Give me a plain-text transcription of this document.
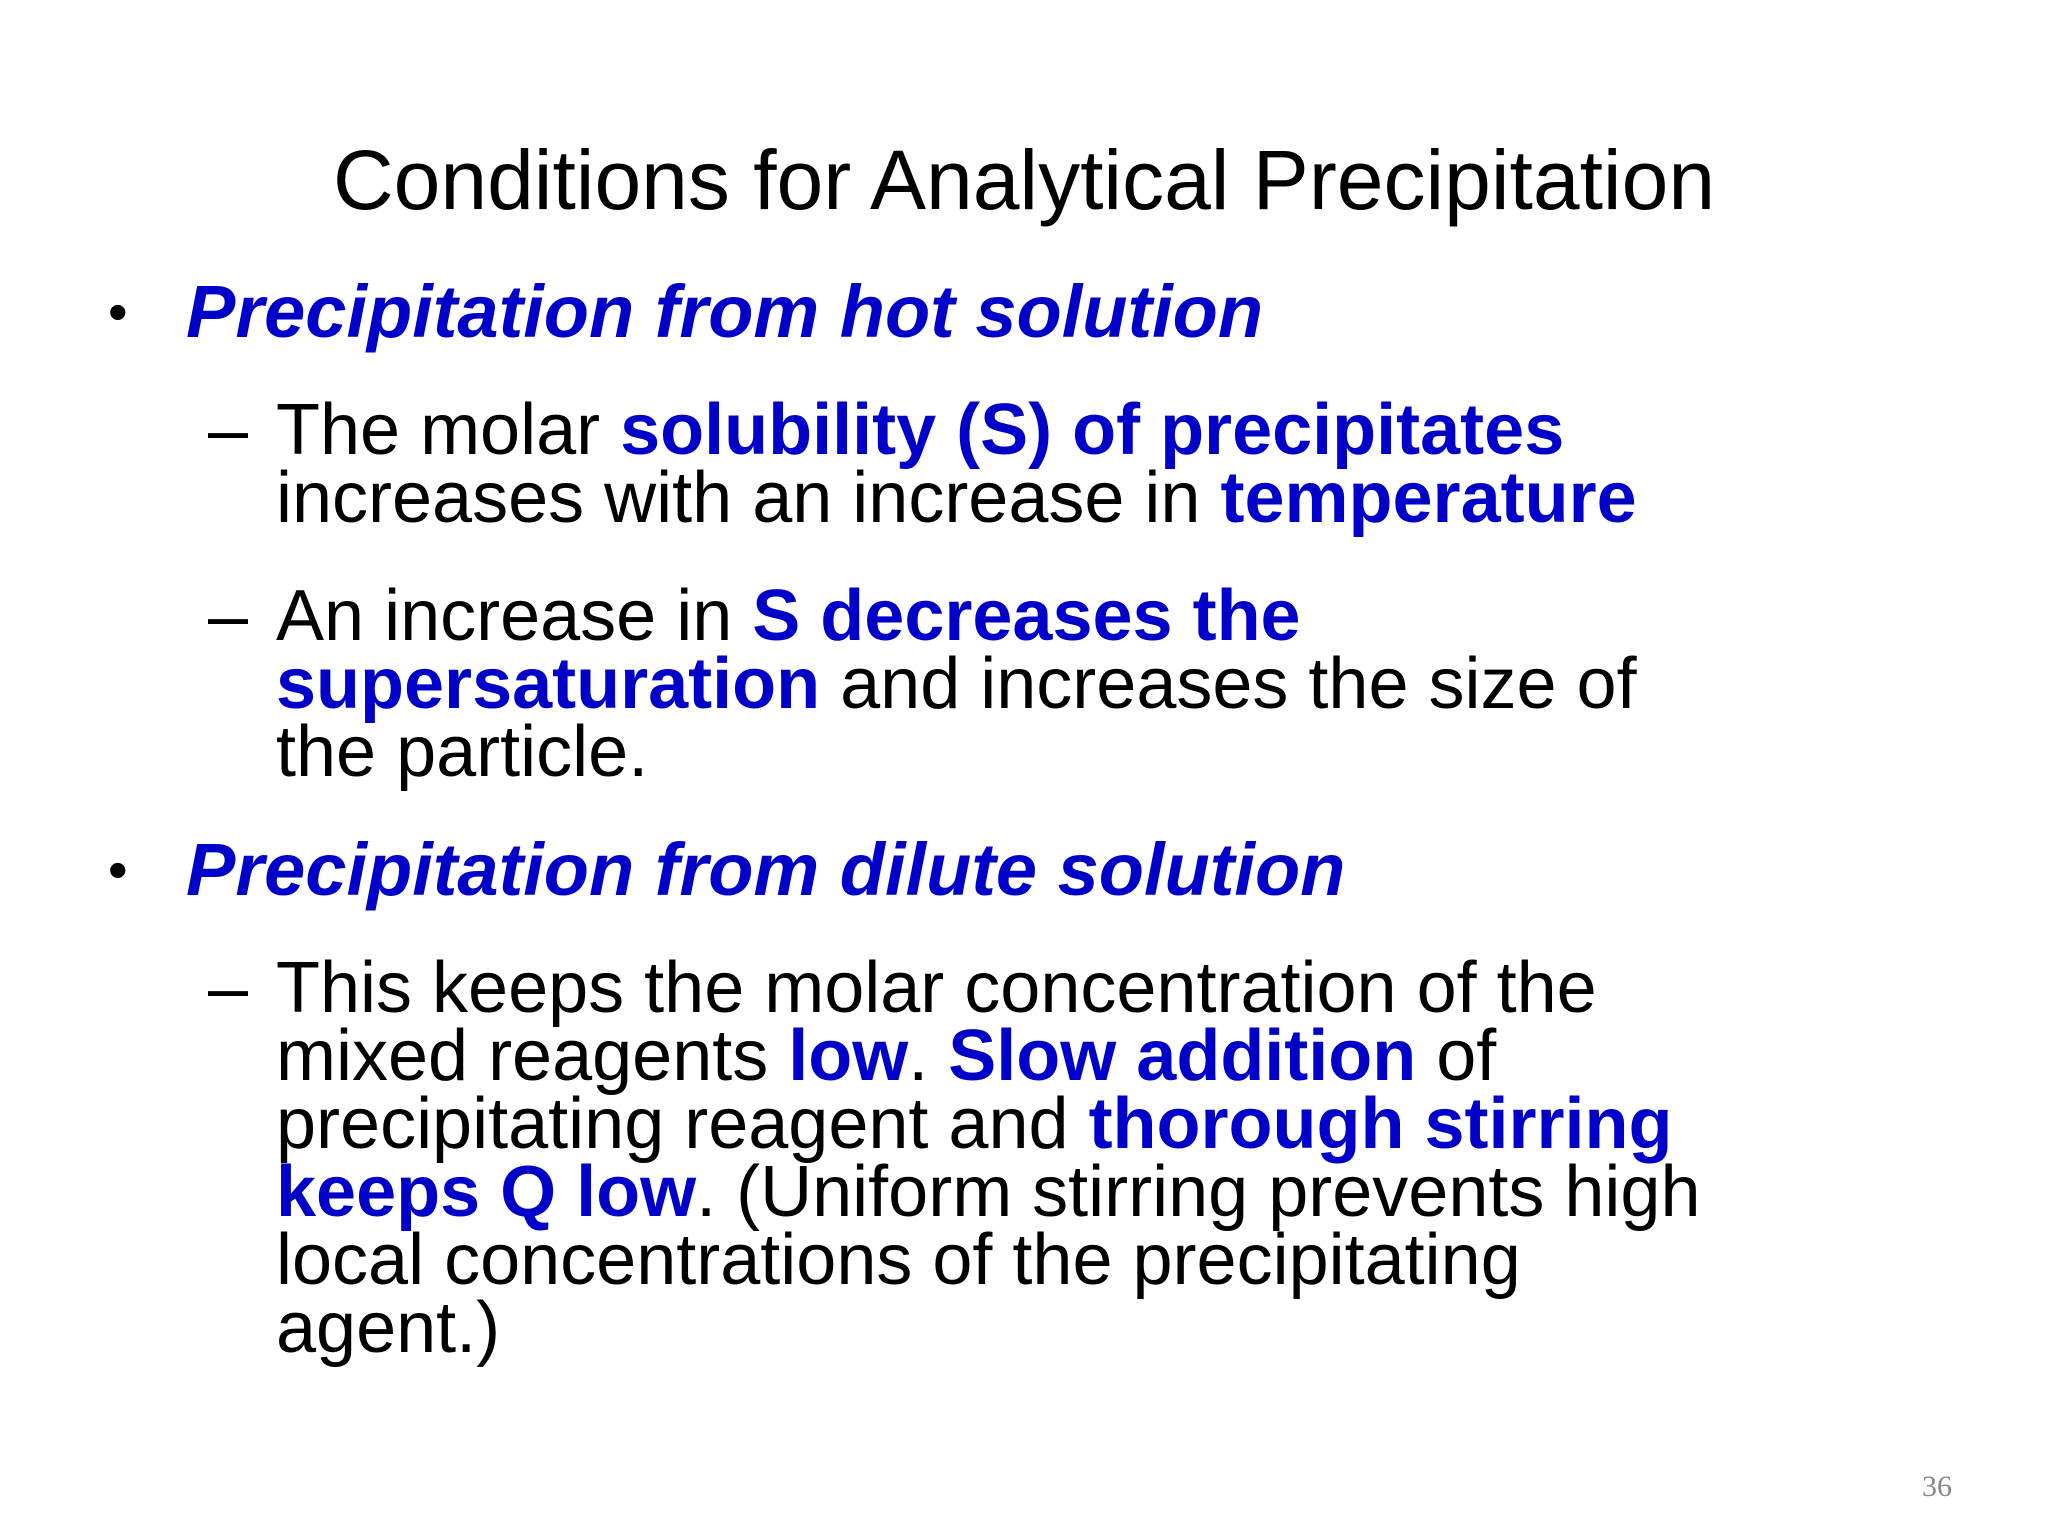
Conditions for Analytical Precipitation
• Precipitation from hot solution
– The molar solubility (S) of precipitates
increases with an increase in temperature
– An increase in S decreases the
supersaturation and increases the size of
the particle.
• Precipitation from dilute solution
– This keeps the molar concentration of the
mixed reagents low. Slow addition of
precipitating reagent and thorough stirring
keeps Q low. (Uniform stirring prevents high
local concentrations of the precipitating
agent.)
36
